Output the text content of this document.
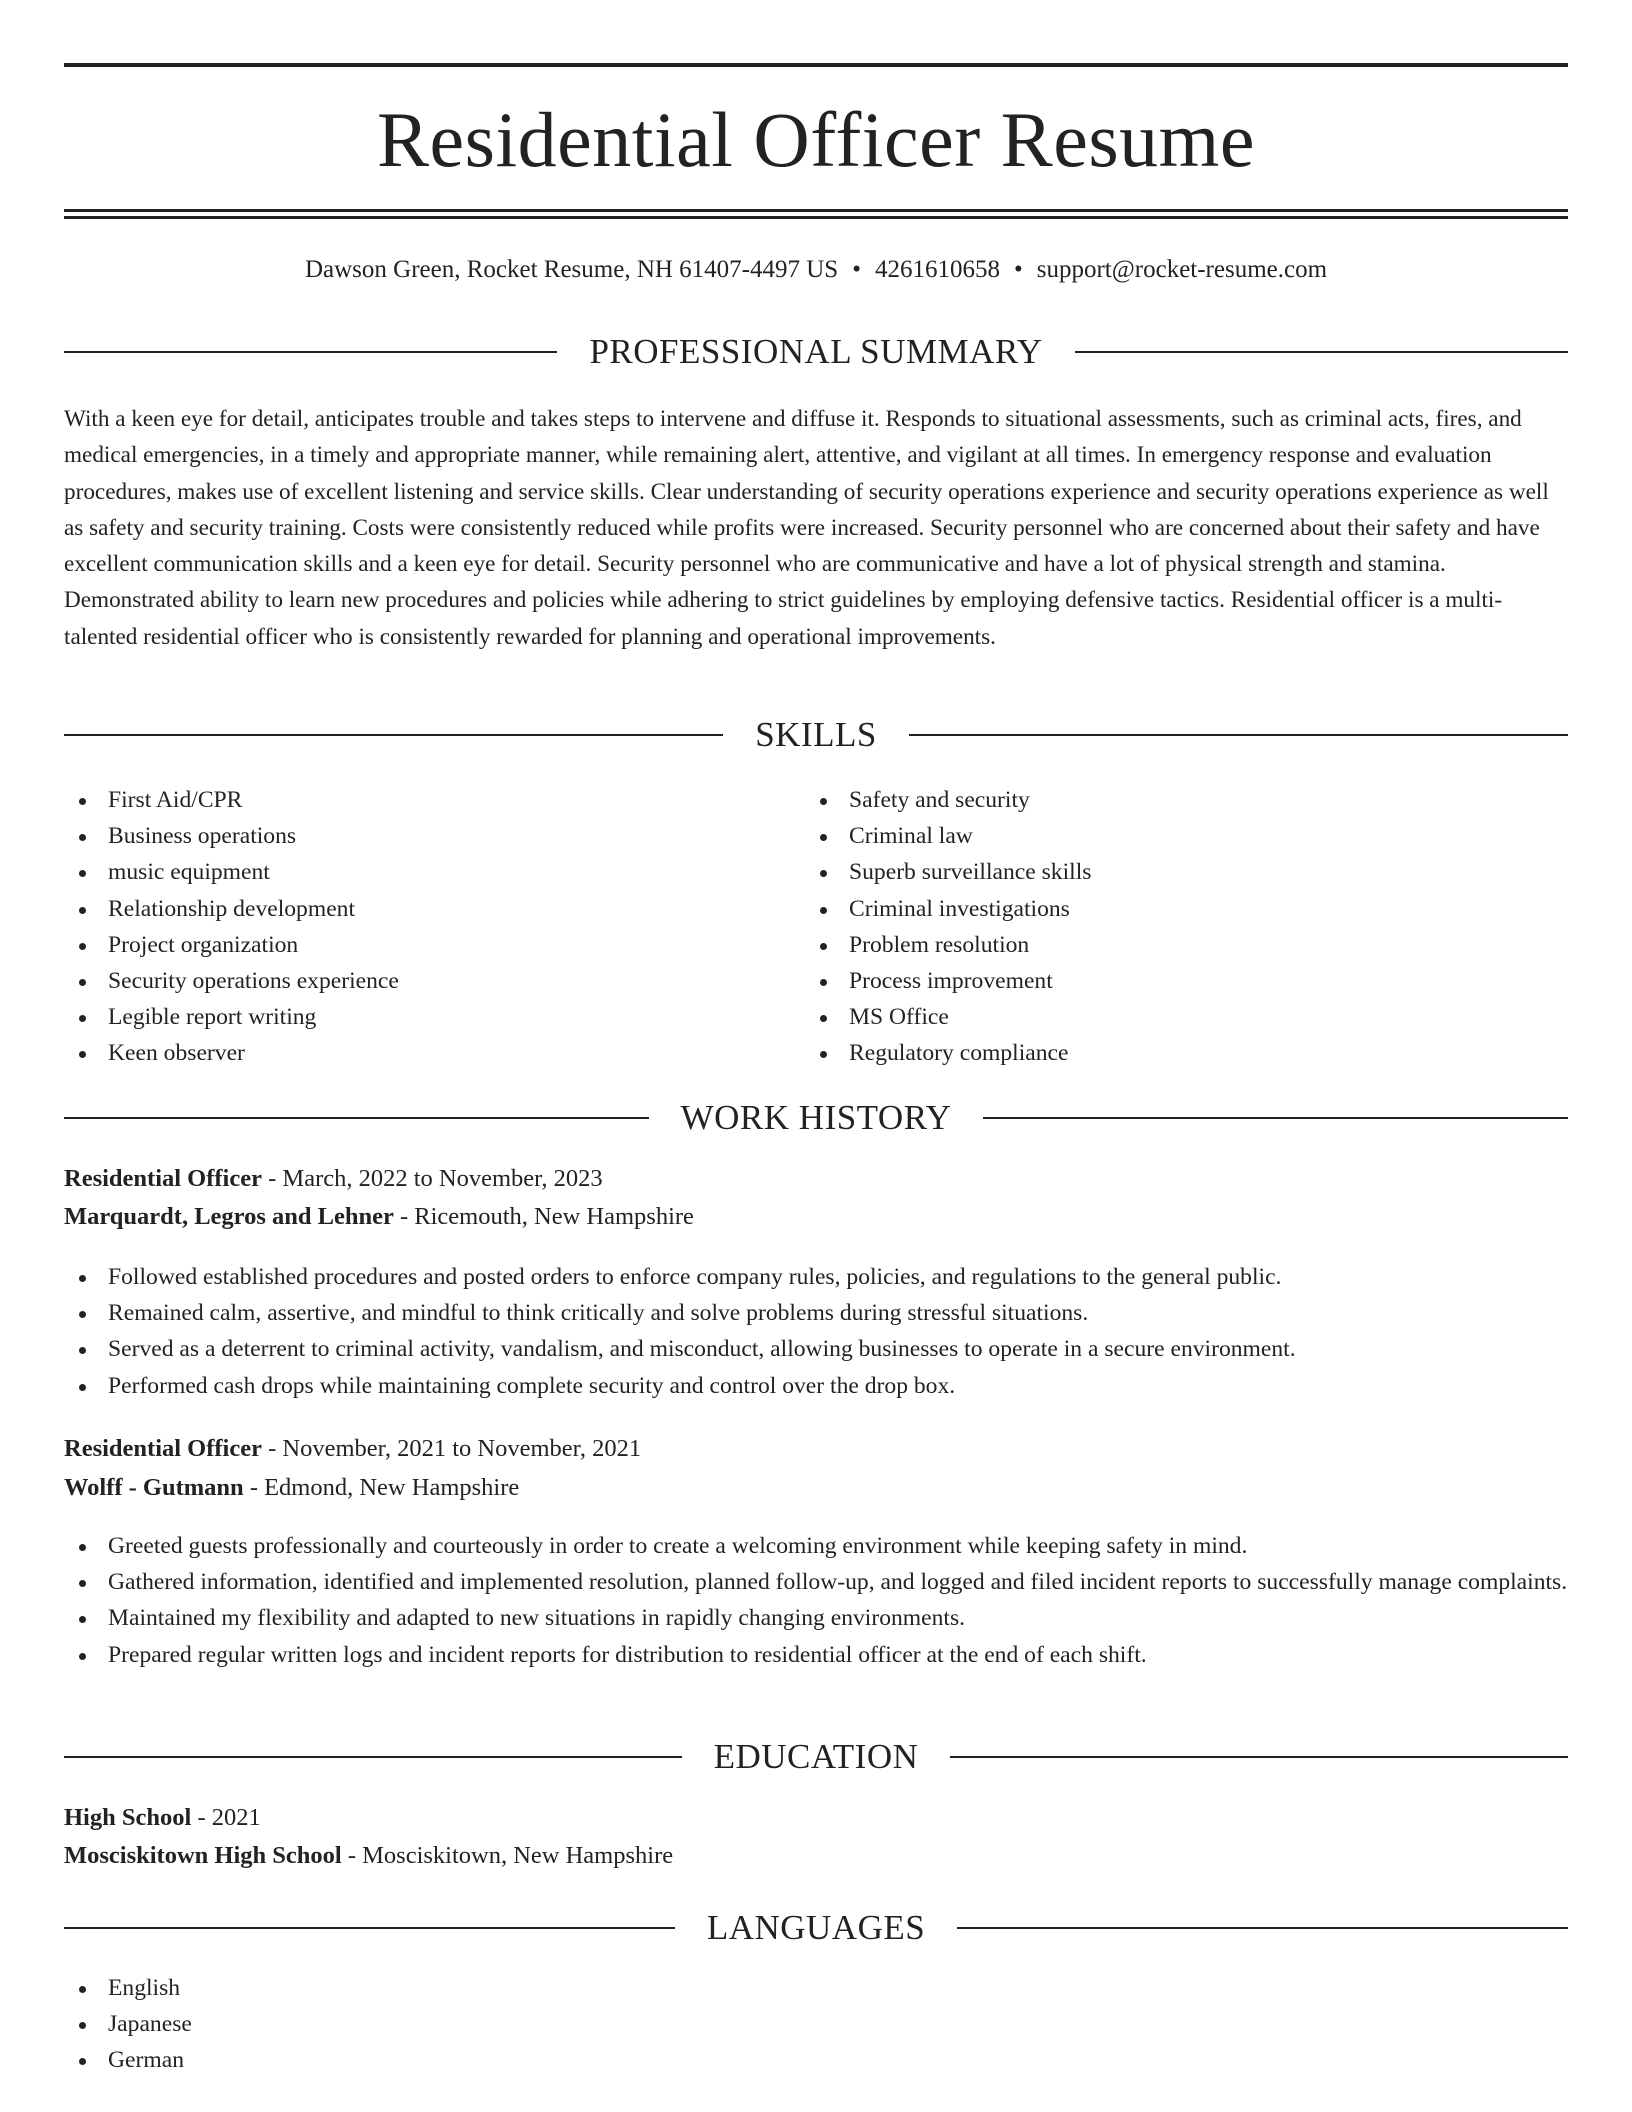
Residential Officer Resume
Dawson Green, Rocket Resume, NH 61407-4497 US • 4261610658 • support@rocket-resume.com
PROFESSIONAL SUMMARY

With a keen eye for detail, anticipates trouble and takes steps to intervene and diffuse it. Responds to situational assessments, such as criminal acts, fires, and medical emergencies, in a timely and appropriate manner, while remaining alert, attentive, and vigilant at all times. In emergency response and evaluation procedures, makes use of excellent listening and service skills. Clear understanding of security operations experience and security operations experience as well as safety and security training. Costs were consistently reduced while profits were increased. Security personnel who are concerned about their safety and have excellent communication skills and a keen eye for detail. Security personnel who are communicative and have a lot of physical strength and stamina. Demonstrated ability to learn new procedures and policies while adhering to strict guidelines by employing defensive tactics. Residential officer is a multi-talented residential officer who is consistently rewarded for planning and operational improvements.

SKILLS
First Aid/CPR
Business operations
music equipment
Relationship development
Project organization
Security operations experience
Legible report writing
Keen observer
Safety and security
Criminal law
Superb surveillance skills
Criminal investigations
Problem resolution
Process improvement
MS Office
Regulatory compliance
WORK HISTORY
Residential Officer - March, 2022 to November, 2023
Marquardt, Legros and Lehner - Ricemouth, New Hampshire
Followed established procedures and posted orders to enforce company rules, policies, and regulations to the general public.
Remained calm, assertive, and mindful to think critically and solve problems during stressful situations.
Served as a deterrent to criminal activity, vandalism, and misconduct, allowing businesses to operate in a secure environment.
Performed cash drops while maintaining complete security and control over the drop box.
Residential Officer - November, 2021 to November, 2021
Wolff - Gutmann - Edmond, New Hampshire
Greeted guests professionally and courteously in order to create a welcoming environment while keeping safety in mind.
Gathered information, identified and implemented resolution, planned follow-up, and logged and filed incident reports to successfully manage complaints.
Maintained my flexibility and adapted to new situations in rapidly changing environments.
Prepared regular written logs and incident reports for distribution to residential officer at the end of each shift.
EDUCATION
High School - 2021
Mosciskitown High School - Mosciskitown, New Hampshire
LANGUAGES
English
Japanese
German
